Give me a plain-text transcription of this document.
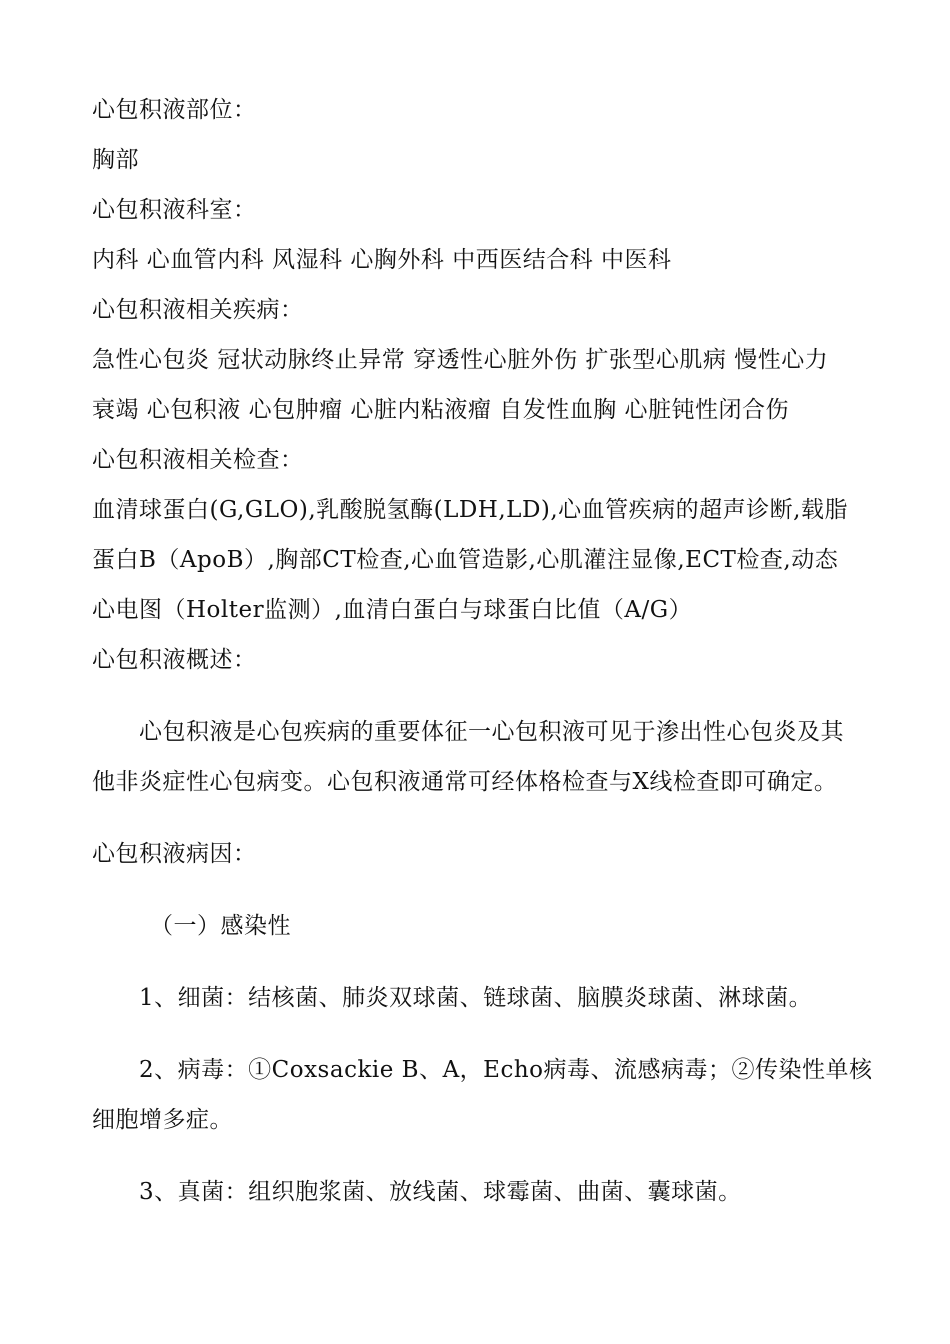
心包积液部位：
胸部
心包积液科室：
内科 心血管内科 风湿科 心胸外科 中西医结合科 中医科
心包积液相关疾病：
急性心包炎 冠状动脉终止异常 穿透性心脏外伤 扩张型心肌病 慢性心力
衰竭 心包积液 心包肿瘤 心脏内粘液瘤 自发性血胸 心脏钝性闭合伤
心包积液相关检查：
血清球蛋白(G,GLO),乳酸脱氢酶(LDH,LD),心血管疾病的超声诊断,载脂
蛋白B（ApoB）,胸部CT检查,心血管造影,心肌灌注显像,ECT检查,动态
心电图（Holter监测）,血清白蛋白与球蛋白比值（A/G）
心包积液概述：
心包积液是心包疾病的重要体征一心包积液可见于渗出性心包炎及其
他非炎症性心包病变。心包积液通常可经体格检查与X线检查即可确定。
心包积液病因：
（一）感染性
1、细菌：结核菌、肺炎双球菌、链球菌、脑膜炎球菌、淋球菌。
2、病毒：①Coxsackie B、A，Echo病毒、流感病毒；②传染性单核
细胞增多症。
3、真菌：组织胞浆菌、放线菌、球霉菌、曲菌、囊球菌。
